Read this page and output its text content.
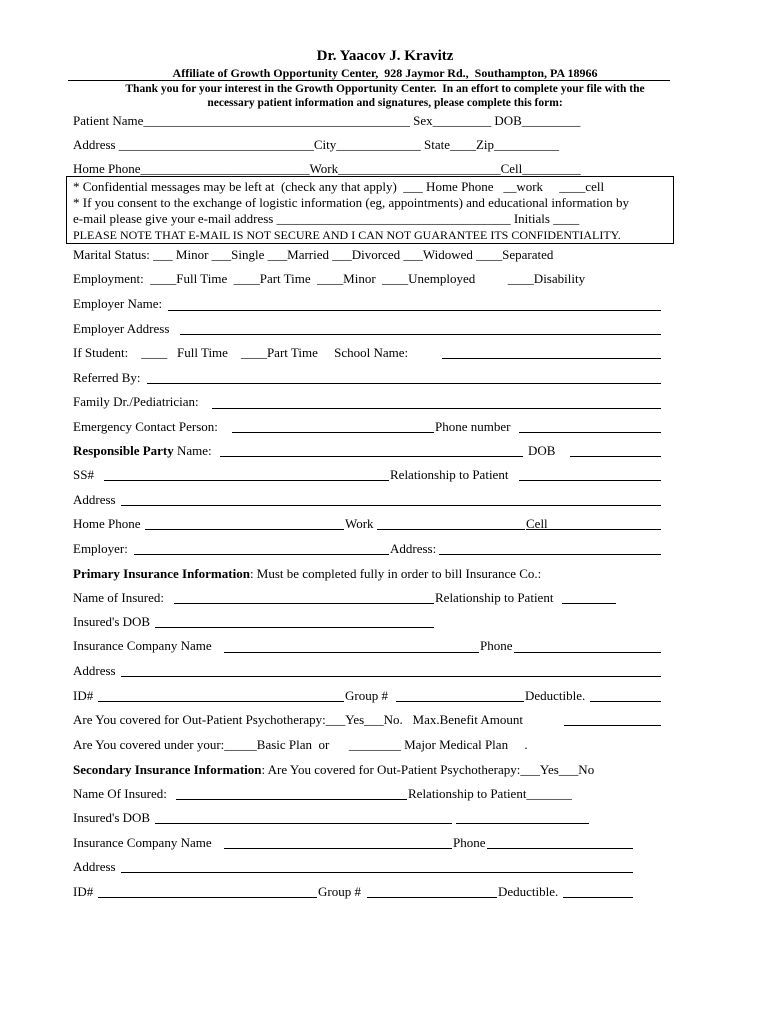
Dr. Yaacov J. Kravitz
Affiliate of Growth Opportunity Center,  928 Jaymor Rd.,  Southampton, PA 18966
Thank you for your interest in the Growth Opportunity Center.  In an effort to complete your file with the
necessary patient information and signatures, please complete this form:
Patient Name_________________________________________ Sex_________ DOB_________
Address ______________________________City_____________ State____Zip__________
Home Phone__________________________Work_________________________Cell_________
* Confidential messages may be left at  (check any that apply)  ___ Home Phone   __work     ____cell
* If you consent to the exchange of logistic information (eg, appointments) and educational information by
e-mail please give your e-mail address ____________________________________ Initials ____
PLEASE NOTE THAT E-MAIL IS NOT SECURE AND I CAN NOT GUARANTEE ITS CONFIDENTIALITY.
Marital Status: ___ Minor ___Single ___Married ___Divorced ___Widowed ____Separated
Employment:  ____Full Time  ____Part Time  ____Minor  ____Unemployed          ____Disability
Employer Name:
Employer Address
If Student:    ____   Full Time    ____Part Time     School Name:
Referred By:
Family Dr./Pediatrician:
Emergency Contact Person:	Phone number
Responsible Party Name:	DOB
SS#	Relationship to Patient
Address
Home Phone	Work	Cell
Employer:	Address:
Primary Insurance Information: Must be completed fully in order to bill Insurance Co.:
Name of Insured:	Relationship to Patient
Insured's DOB
Insurance Company Name	Phone
Address
ID#	Group #	Deductible.
Are You covered for Out-Patient Psychotherapy:___Yes___No.   Max.Benefit Amount
Are You covered under your:_____Basic Plan  or      ________ Major Medical Plan     .
Secondary Insurance Information: Are You covered for Out-Patient Psychotherapy:___Yes___No
Name Of Insured:	Relationship to Patient_______
Insured's DOB
Insurance Company Name	Phone
Address
ID#	Group #	Deductible.
